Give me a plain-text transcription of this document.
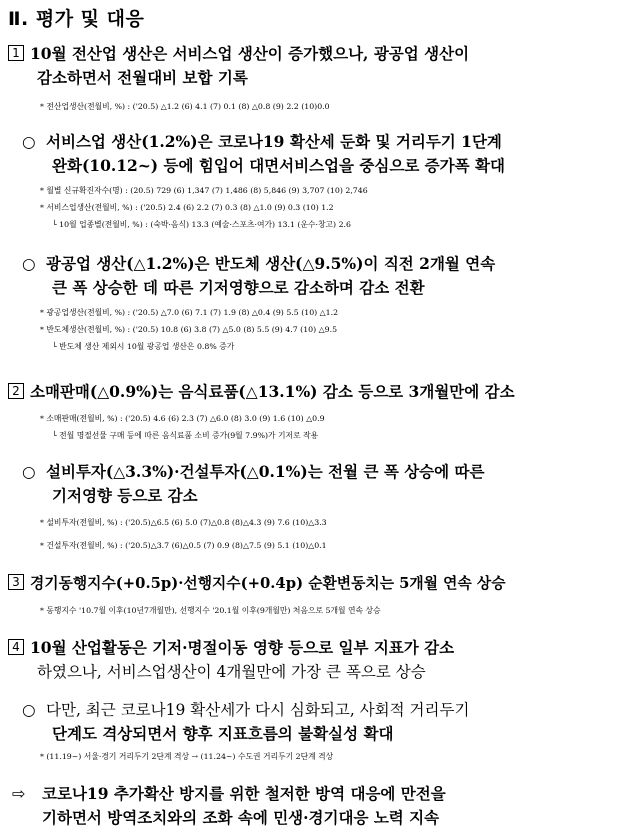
Ⅱ. 평가 및 대응
1 10월 전산업 생산은 서비스업 생산이 증가했으나, 광공업 생산이
감소하면서 전월대비 보합 기록
* 전산업생산(전월비, %) : ('20.5) △1.2 (6) 4.1 (7) 0.1 (8) △0.8 (9) 2.2 (10)0.0
○ 서비스업 생산(1.2%)은 코로나19 확산세 둔화 및 거리두기 1단계
완화(10.12~) 등에 힘입어 대면서비스업을 중심으로 증가폭 확대
* 월별 신규확진자수(명) : (20.5) 729 (6) 1,347 (7) 1,486 (8) 5,846 (9) 3,707 (10) 2,746
* 서비스업생산(전월비, %) : ('20.5) 2.4 (6) 2.2 (7) 0.3 (8) △1.0 (9) 0.3 (10) 1.2
└ 10월 업종별(전월비, %) : (숙박·음식) 13.3 (예술·스포츠·여가) 13.1 (운수·창고) 2.6
○ 광공업 생산(△1.2%)은 반도체 생산(△9.5%)이 직전 2개월 연속
큰 폭 상승한 데 따른 기저영향으로 감소하며 감소 전환
* 광공업생산(전월비, %) : ('20.5) △7.0 (6) 7.1 (7) 1.9 (8) △0.4 (9) 5.5 (10) △1.2
* 반도체생산(전월비, %) : ('20.5) 10.8 (6) 3.8 (7) △5.0 (8) 5.5 (9) 4.7 (10) △9.5
└ 반도체 생산 제외시 10월 광공업 생산은 0.8% 증가
2 소매판매(△0.9%)는 음식료품(△13.1%) 감소 등으로 3개월만에 감소
* 소매판매(전월비, %) : ('20.5) 4.6 (6) 2.3 (7) △6.0 (8) 3.0 (9) 1.6 (10) △0.9
└ 전월 명절선물 구매 등에 따른 음식료품 소비 증가(9월 7.9%)가 기저로 작용
○ 설비투자(△3.3%)·건설투자(△0.1%)는 전월 큰 폭 상승에 따른
기저영향 등으로 감소
* 설비투자(전월비, %) : ('20.5)△6.5 (6) 5.0 (7)△0.8 (8)△4.3 (9) 7.6 (10)△3.3
* 건설투자(전월비, %) : ('20.5)△3.7 (6)△0.5 (7) 0.9 (8)△7.5 (9) 5.1 (10)△0.1
3 경기동행지수(+0.5p)·선행지수(+0.4p) 순환변동치는 5개월 연속 상승
* 동행지수 '10.7월 이후(10년7개월만), 선행지수 '20.1월 이후(9개월만) 처음으로 5개월 연속 상승
4 10월 산업활동은 기저·명절이동 영향 등으로 일부 지표가 감소
하였으나, 서비스업생산이 4개월만에 가장 큰 폭으로 상승
○ 다만, 최근 코로나19 확산세가 다시 심화되고, 사회적 거리두기
단계도 격상되면서 향후 지표흐름의 불확실성 확대
* (11.19~) 서울·경기 거리두기 2단계 격상 → (11.24~) 수도권 거리두기 2단계 격상
⇨ 코로나19 추가확산 방지를 위한 철저한 방역 대응에 만전을
기하면서 방역조치와의 조화 속에 민생·경기대응 노력 지속
